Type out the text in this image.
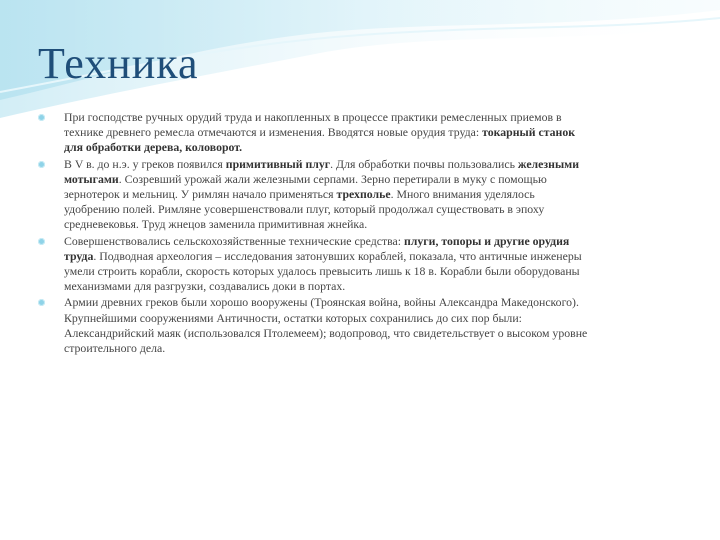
Техника
При господстве ручных орудий труда и накопленных в процессе практики ремесленных приемов в технике древнего ремесла отмечаются и изменения. Вводятся новые орудия труда: токарный станок для обработки дерева, коловорот.
В V в. до н.э. у греков появился примитивный плуг. Для обработки почвы пользовались железными мотыгами. Созревший урожай жали железными серпами. Зерно перетирали в муку с помощью зернотерок и мельниц. У римлян начало применяться трехполье. Много внимания уделялось удобрению полей. Римляне усовершенствовали плуг, который продолжал существовать в эпоху средневековья. Труд жнецов заменила примитивная жнейка.
Совершенствовались сельскохозяйственные технические средства: плуги, топоры и другие орудия труда. Подводная археология – исследования затонувших кораблей, показала, что античные инженеры умели строить корабли, скорость которых удалось превысить лишь к 18 в. Корабли были оборудованы механизмами для разгрузки, создавались доки в портах.
Армии древних греков были хорошо вооружены (Троянская война, войны Александра Македонского). Крупнейшими сооружениями Античности, остатки которых сохранились до сих пор были: Александрийский маяк (использовался Птолемеем); водопровод, что свидетельствует о высоком уровне строительного дела.
